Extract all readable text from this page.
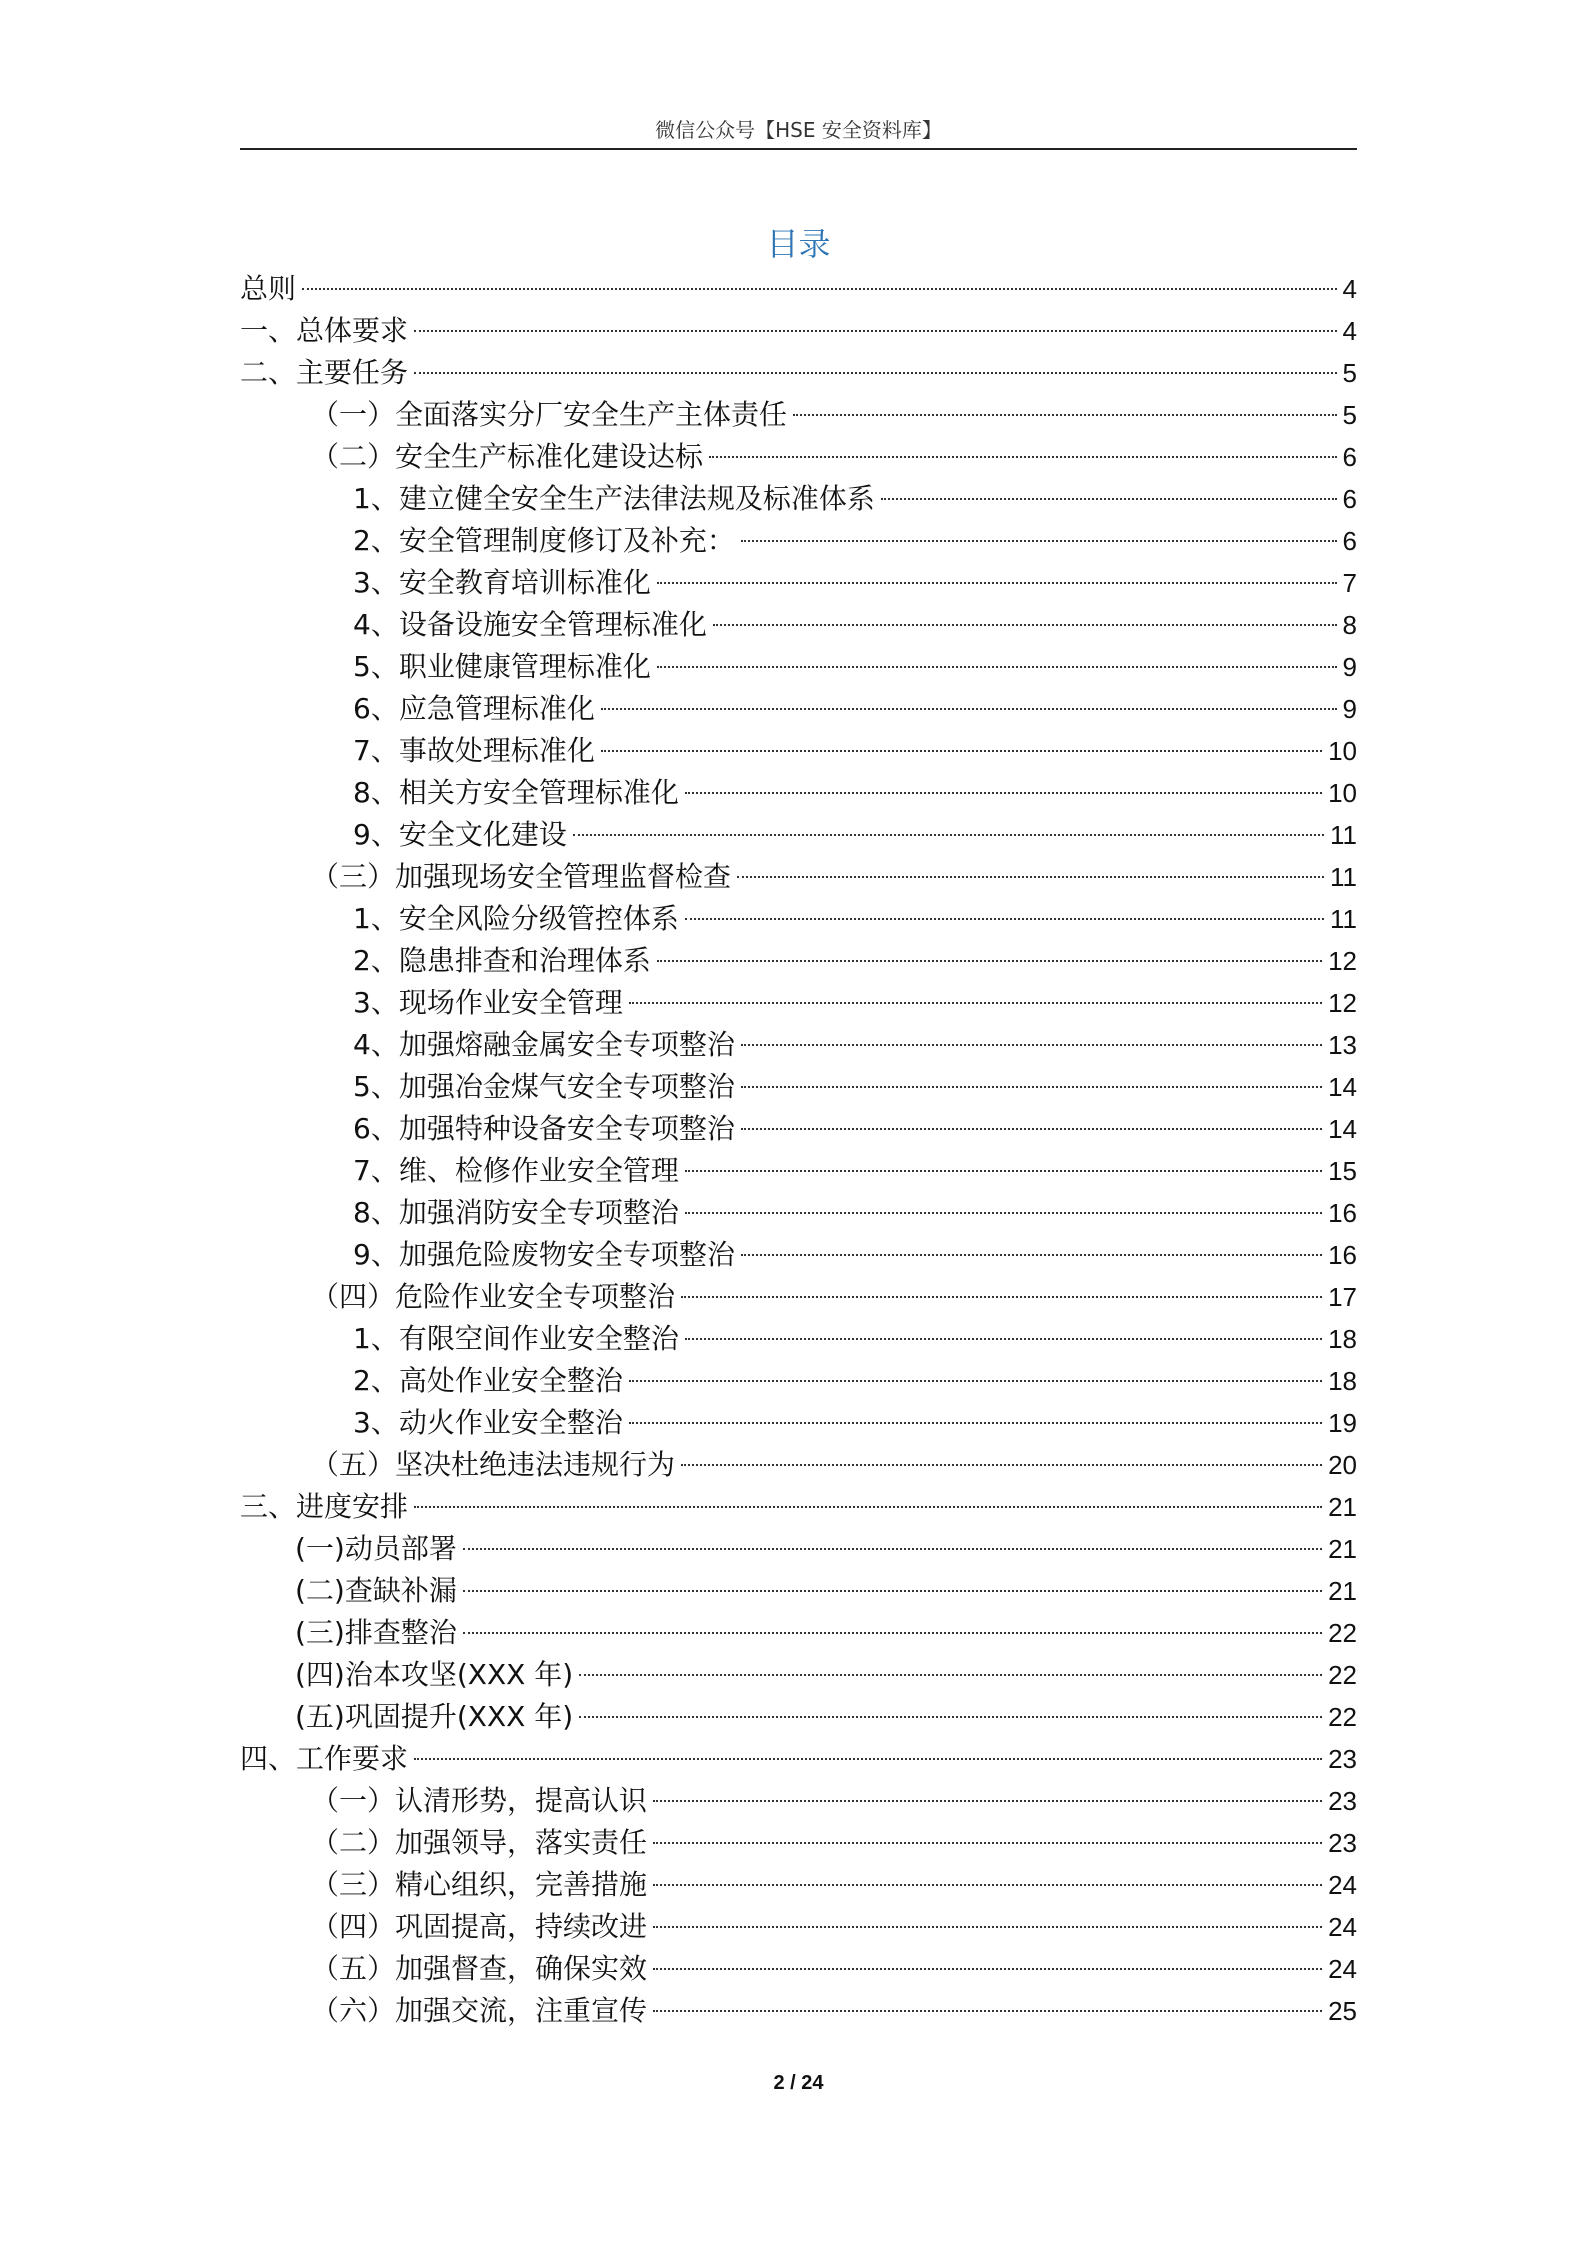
微信公众号【HSE 安全资料库】
目录
总则	4
一、总体要求	4
二、主要任务	5
（一）全面落实分厂安全生产主体责任	5
（二）安全生产标准化建设达标	6
1、建立健全安全生产法律法规及标准体系	6
2、安全管理制度修订及补充：	6
3、安全教育培训标准化	7
4、设备设施安全管理标准化	8
5、职业健康管理标准化	9
6、应急管理标准化	9
7、事故处理标准化	10
8、相关方安全管理标准化	10
9、安全文化建设	11
（三）加强现场安全管理监督检查	11
1、安全风险分级管控体系	11
2、隐患排查和治理体系	12
3、现场作业安全管理	12
4、加强熔融金属安全专项整治	13
5、加强冶金煤气安全专项整治	14
6、加强特种设备安全专项整治	14
7、维、检修作业安全管理	15
8、加强消防安全专项整治	16
9、加强危险废物安全专项整治	16
（四）危险作业安全专项整治	17
1、有限空间作业安全整治	18
2、高处作业安全整治	18
3、动火作业安全整治	19
（五）坚决杜绝违法违规行为	20
三、进度安排	21
(一)动员部署	21
(二)查缺补漏	21
(三)排查整治	22
(四)治本攻坚(XXX 年)	22
(五)巩固提升(XXX 年)	22
四、工作要求	23
（一）认清形势，提高认识	23
（二）加强领导，落实责任	23
（三）精心组织，完善措施	24
（四）巩固提高，持续改进	24
（五）加强督查，确保实效	24
（六）加强交流，注重宣传	25
2 / 24
